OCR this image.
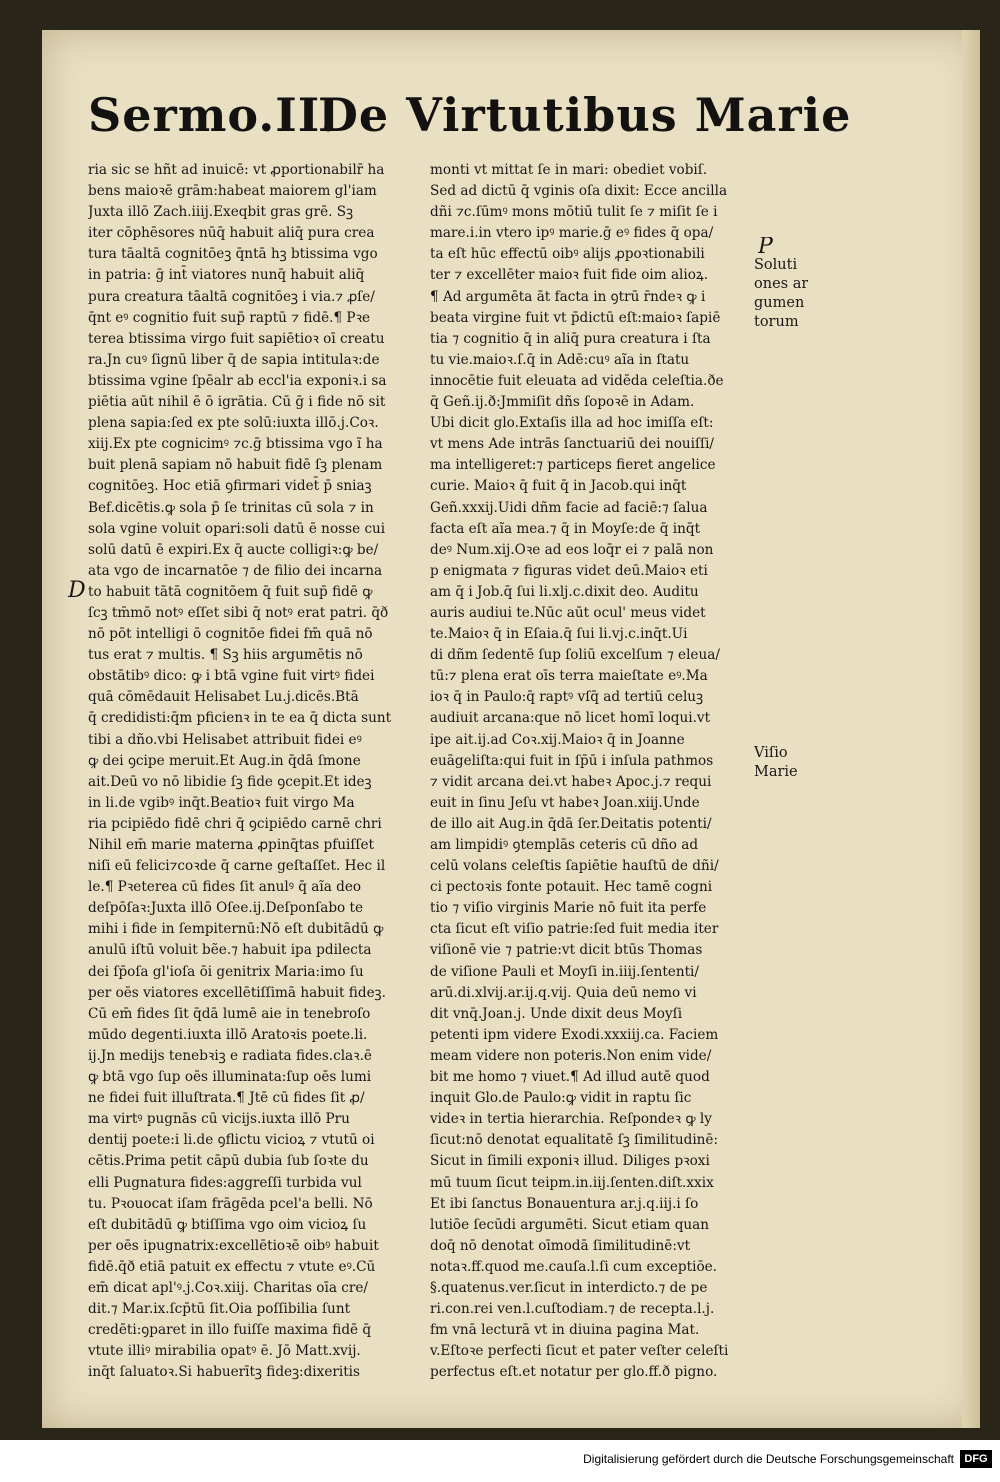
Sermo.II.
De Virtutibus Marie
ria sic se hñt ad inuicē: vt ꝓportionabilr̄ ha
bens maioꝛē grām:habeat maiorem gl'iam
Juxta illō Zach.iiij.Exeqbit gras grē. Sꝫ
iter cōphēsores nūq̄ habuit aliq̄ pura crea
tura tāaltā cognitōeꝫ q̄ntā hꝫ btissima vgo
in patria: ḡ int̄ viatores nunq̄ habuit aliq̄
pura creatura tāaltā cognitōeꝫ i via.⁊ ꝓſe/
q̄nt eꝰ cognitio fuit sup̄ raptū ⁊ fidē.¶ Pꝛe
terea btissima virgo fuit sapiētioꝛ oī creatu
ra.Jn cuꝰ ſignū liber q̄ de sapia intitulaꝛ:de
btissima vgine ſpēalr ab eccl'ia exponiꝛ.i sa
piētia aūt nihil ē ō igrātia. Cū ḡ i fide nō sit
plena sapia:ſed ex pte solū:iuxta illō.j.Coꝛ.
xiij.Ex pte cognicimꝰ ⁊c.ḡ btissima vgo ĩ ha
buit plenā sapiam nō habuit fidē ſꝫ plenam
cognitōeꝫ. Hoc etiā ꝯfirmari videt̄ p̄ sniaꝫ
Bef.dicētis.ꝙ sola p̄ ſe trinitas cū sola ⁊ in
sola vgine voluit opari:soli datū ē nosse cui
solū datū ē expiri.Ex q̄ aucte colligiꝛ:ꝙ be/
ata vgo de incarnatōe ⁊ de filio dei incarna
to habuit tātā cognitōem q̄ fuit sup̄ fidē ꝙ
ſcꝫ tm̄mō notꝰ eſſet sibi q̄ notꝰ erat patri. q̄ð
nō pōt intelligi ō cognitōe fidei fm̄ quā nō
tus erat ⁊ multis. ¶ Sꝫ hiis argumētis nō
obstātibꝰ dico: ꝙ i btā vgine fuit virtꝰ fidei
quā cōmēdauit Helisabet Lu.j.dicēs.Btā
q̄ credidisti:q̄m pficienꝛ in te ea q̄ dicta sunt
tibi a dño.vbi Helisabet attribuit fidei eꝰ
ꝙ dei ꝯcipe meruit.Et Aug.in q̄dā ſmone
ait.Deū vo nō libidie ſꝫ fide ꝯcepit.Et ideꝫ
in li.de vgibꝰ inq̄t.Beatioꝛ fuit virgo Ma
ria pcipiēdo fidē chri q̄ ꝯcipiēdo carnē chri
Nihil em̄ marie materna ꝓpinq̄tas pfuiſſet
niſi eū felici⁊coꝛde q̄ carne geſtaſſet. Hec il
le.¶ Pꝛeterea cū fides ſit anulꝰ q̄ aĩa deo
deſpōſaꝛ:Juxta illō Oſee.ij.Deſponſabo te
mihi i fide in ſempiternū:Nō eſt dubitādū ꝙ
anulū iſtū voluit bẽe.⁊ habuit ipa pdilecta
dei ſp̄oſa gl'ioſa ōi genitrix Maria:imo ſu
per oēs viatores excellētiſſimā habuit fideꝫ.
Cū em̄ fides ſit q̄dā lumē aie in tenebroſo
mūdo degenti.iuxta illō Aratoꝛis poete.li.
ij.Jn medijs tenebꝛiꝫ e radiata fides.claꝛ.ē
ꝙ btā vgo ſup oēs illuminata:ſup oēs lumi
ne fidei fuit illuſtrata.¶ Jtē cū fides ſit ꝓ/
ma virtꝰ pugnās cū vicijs.iuxta illō Pru
dentij poete:i li.de ꝯflictu vicioꝝ ⁊ vtutū oi
cētis.Prima petit cāpū dubia ſub ſoꝛte du
elli Pugnatura fides:aggreſſi turbida vul
tu. Pꝛouocat iſam frāgēda pcel'a belli. Nō
eſt dubitādū ꝙ btiſſima vgo oim vicioꝝ ſu
per oēs ipugnatrix:excellētioꝛē oibꝰ habuit
fidē.q̄ð etiā patuit ex effectu ⁊ vtute eꝰ.Cū
em̄ dicat apl'ꝰ.j.Coꝛ.xiij. Charitas oīa cre/
dit.⁊ Mar.ix.ſcp̄tū ſit.Oia poſſibilia ſunt
credēti:ꝯparet in illo fuiſſe maxima fidē q̄
vtute illiꝰ mirabilia opatꝰ ē. Jō Matt.xvij.
inq̄t ſaluatoꝛ.Si habuerītꝫ fideꝫ:dixeritis
monti vt mittat ſe in mari: obediet vobiſ.
Sed ad dictū q̄ vginis oſa dixit: Ecce ancilla
dñi ⁊c.ſūmꝰ mons mōtiū tulit ſe ⁊ miſit ſe i
mare.i.in vtero ipꝰ marie.ḡ eꝰ fides q̄ opa/
ta eſt hūc effectū oibꝰ alijs ꝓpoꝛtionabili
ter ⁊ excellēter maioꝛ fuit fide oim alioꝝ.
¶ Ad argumēta āt facta in ꝯtrū r̄ndeꝛ ꝙ i
beata virgine fuit vt p̄dictū eſt:maioꝛ ſapiē
tia ⁊ cognitio q̄ in aliq̄ pura creatura i ſta
tu vie.maioꝛ.ſ.q̄ in Adē:cuꝰ aĩa in ſtatu
innocētie fuit eleuata ad vidēda celeſtia.ðe
q̄ Geñ.ij.ð:Jmmiſit dñs ſopoꝛē in Adam.
Ubi dicit glo.Extaſis illa ad hoc imiſſa eſt:
vt mens Ade intrās ſanctuariū dei nouiſſi/
ma intelligeret:⁊ particeps fieret angelice
curie. Maioꝛ q̄ fuit q̄ in Jacob.qui inq̄t
Geñ.xxxij.Uidi dñm facie ad faciē:⁊ ſalua
facta eſt aĩa mea.⁊ q̄ in Moyſe:de q̄ inq̄t
deꝰ Num.xij.Oꝛe ad eos loq̄r ei ⁊ palā non
p enigmata ⁊ figuras videt deū.Maioꝛ eti
am q̄ i Job.q̄ ſui li.xlj.c.dixit deo. Auditu
auris audiui te.Nūc aūt ocul' meus videt
te.Maioꝛ q̄ in Eſaia.q̄ ſui li.vj.c.inq̄t.Ui
di dñm ſedentē ſup ſoliū excelſum ⁊ eleua/
tū:⁊ plena erat oīs terra maieſtate eꝰ.Ma
ioꝛ q̄ in Paulo:q̄ raptꝰ vſq̄ ad tertiū celuꝫ
audiuit arcana:que nō licet homī loqui.vt
ipe ait.ij.ad Coꝛ.xij.Maioꝛ q̄ in Joanne
euāgeliſta:qui fuit in ſp̄ū i inſula pathmos
⁊ vidit arcana dei.vt habeꝛ Apoc.j.⁊ requi
euit in ſinu Jeſu vt habeꝛ Joan.xiij.Unde
de illo ait Aug.in q̄dā ſer.Deitatis potenti/
am limpidiꝰ ꝯtemplās ceteris cū dño ad
celū volans celeſtis ſapiētie hauſtū de dñi/
ci pectoꝛis fonte potauit. Hec tamē cogni
tio ⁊ viſio virginis Marie nō fuit ita perfe
cta ſicut eſt viſio patrie:ſed fuit media iter
viſionē vie ⁊ patrie:vt dicit btūs Thomas
de viſione Pauli et Moyſi in.iiij.ſententi/
arū.di.xlvij.ar.ij.q.vij. Quia deū nemo vi
dit vnq̄.Joan.j. Unde dixit deus Moyſi
petenti ipm videre Exodi.xxxiij.ca. Faciem
meam videre non poteris.Non enim vide/
bit me homo ⁊ viuet.¶ Ad illud autē quod
inquit Glo.de Paulo:ꝙ vidit in raptu ſic
videꝛ in tertia hierarchia. Reſpondeꝛ ꝙ ly
ſicut:nō denotat equalitatē ſꝫ ſimilitudinē:
Sicut in ſimili exponiꝛ illud. Diliges pꝛoxi
mū tuum ſicut teipm.in.iij.ſenten.diſt.xxix
Et ibi ſanctus Bonauentura ar.j.q.iij.i ſo
lutiōe ſecūdi argumēti. Sicut etiam quan
doq̄ nō denotat oīmodā ſimilitudinē:vt
notaꝛ.ff.quod me.cauſa.l.ſi cum exceptiōe.
§.quatenus.ver.ſicut in interdicto.⁊ de pe
ri.con.rei ven.l.cuſtodiam.⁊ de recepta.l.j.
fm vnā lecturā vt in diuina pagina Mat.
v.Eſtoꝛe perfecti ſicut et pater veſter celeſti
perfectus eſt.et notatur per glo.ff.ð pigno.
P
Soluti
ones ar
gumen
torum
Viſio
Marie
D
Digitalisierung gefördert durch die Deutsche Forschungsgemeinschaft DFG
